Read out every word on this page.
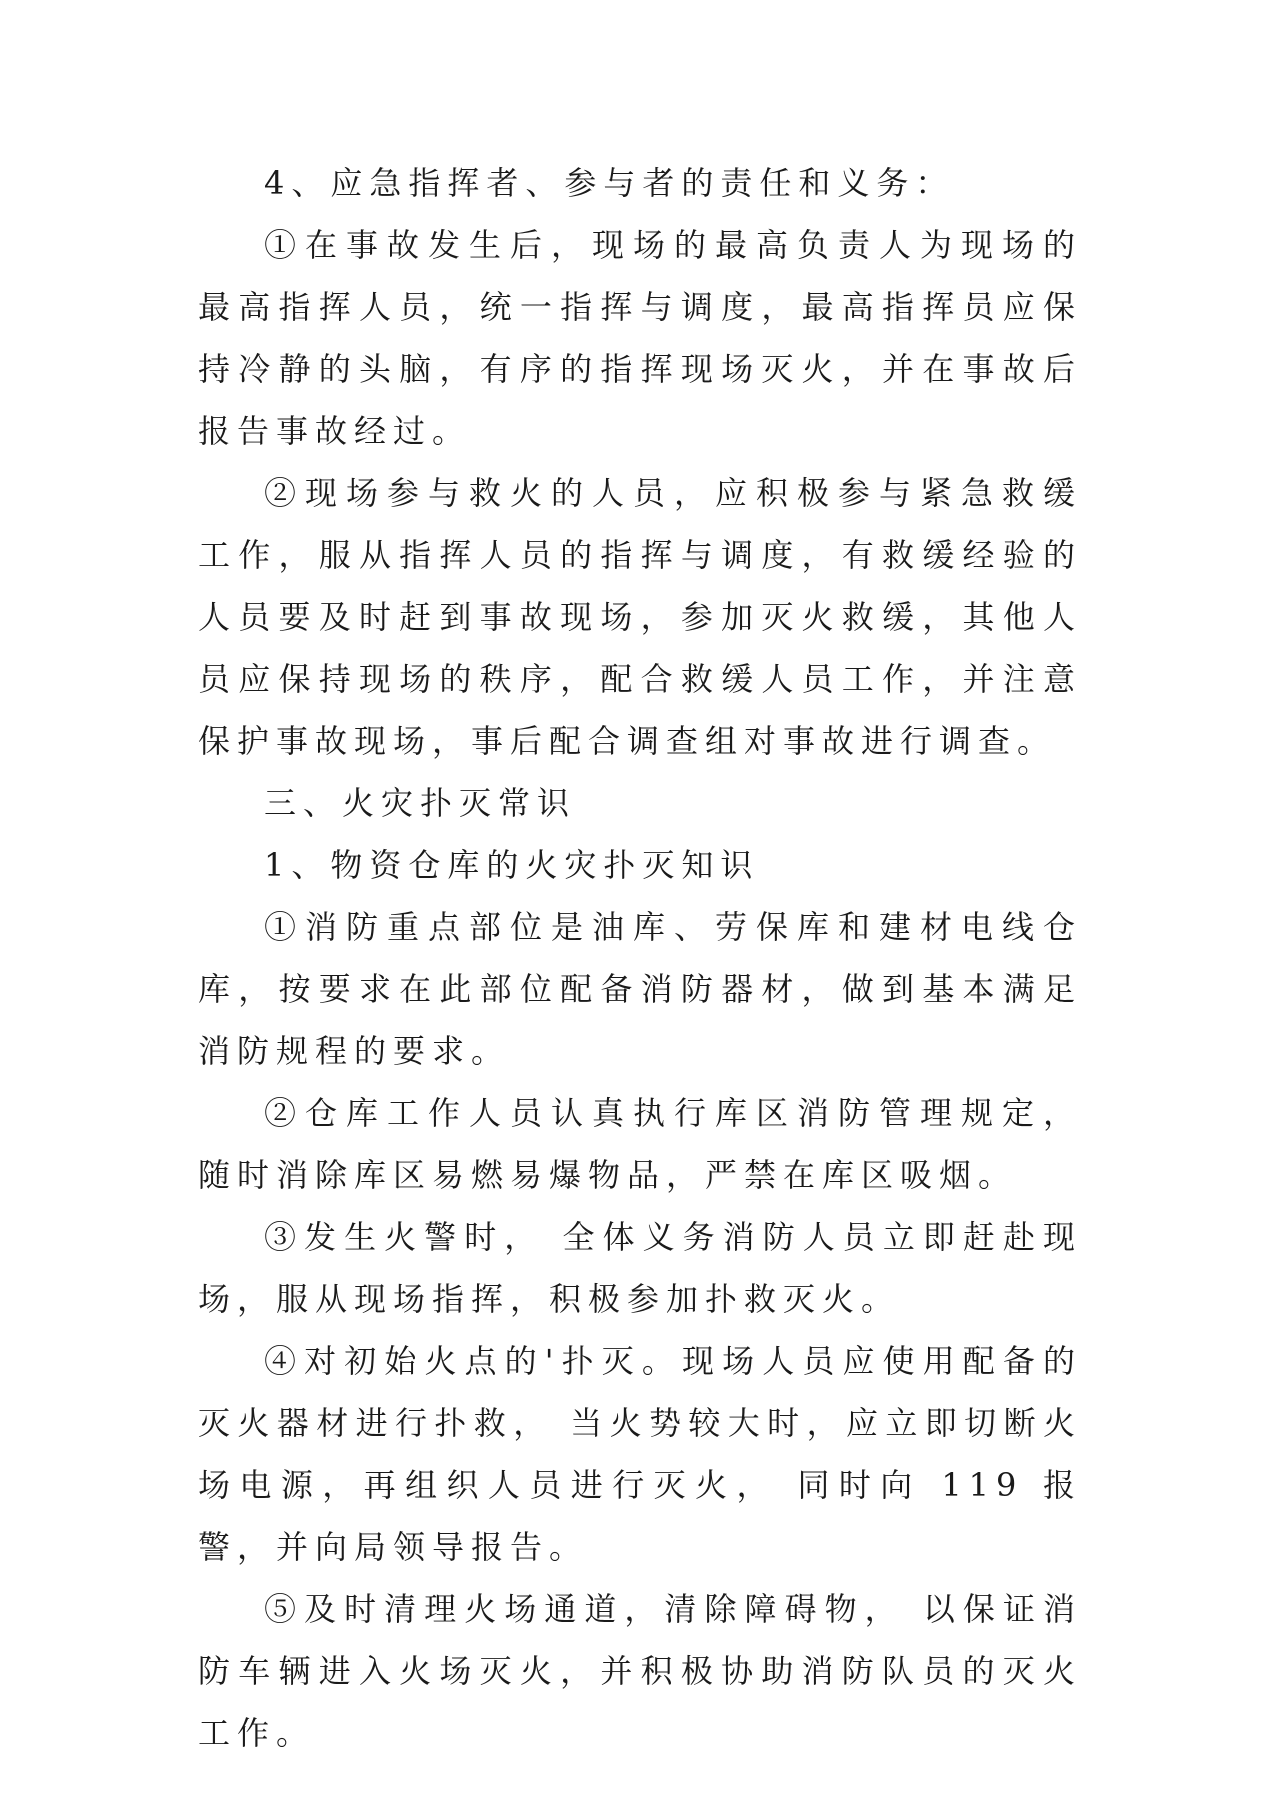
4、应急指挥者、参与者的责任和义务：

①在事故发生后，现场的最高负责人为现场的最高指挥人员，统一指挥与调度，最高指挥员应保持冷静的头脑，有序的指挥现场灭火，并在事故后报告事故经过。

②现场参与救火的人员，应积极参与紧急救缓工作，服从指挥人员的指挥与调度，有救缓经验的人员要及时赶到事故现场，参加灭火救缓，其他人员应保持现场的秩序，配合救缓人员工作，并注意保护事故现场，事后配合调查组对事故进行调查。

三、火灾扑灭常识

1、物资仓库的火灾扑灭知识

①消防重点部位是油库、劳保库和建材电线仓库，按要求在此部位配备消防器材，做到基本满足消防规程的要求。

②仓库工作人员认真执行库区消防管理规定，随时消除库区易燃易爆物品，严禁在库区吸烟。

③发生火警时， 全体义务消防人员立即赶赴现场，服从现场指挥，积极参加扑救灭火。

④对初始火点的'扑灭。现场人员应使用配备的灭火器材进行扑救， 当火势较大时，应立即切断火场电源，再组织人员进行灭火， 同时向 119 报警，并向局领导报告。

⑤及时清理火场通道，清除障碍物， 以保证消防车辆进入火场灭火，并积极协助消防队员的灭火工作。
